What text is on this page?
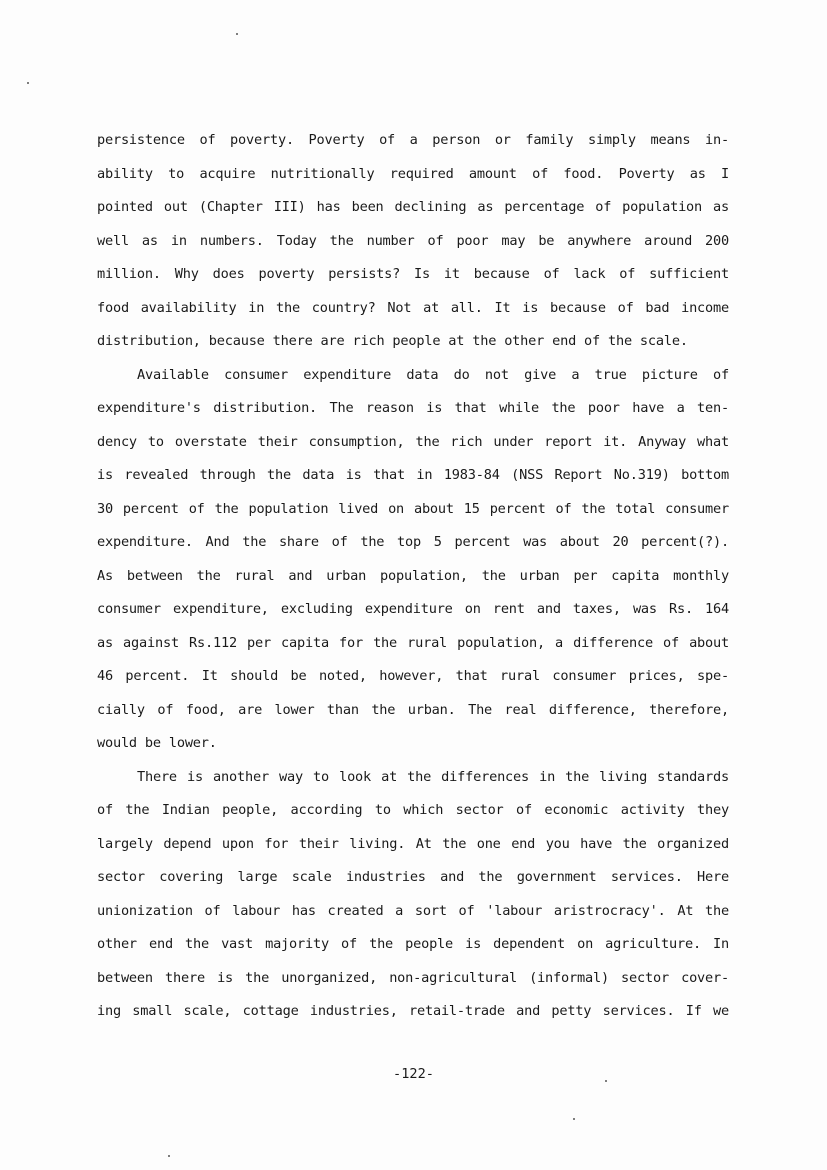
persistence of poverty. Poverty of a person or family simply means in-
ability to acquire nutritionally required amount of food. Poverty as I
pointed out (Chapter III) has been declining as percentage of population as
well as in numbers. Today the number of poor may be anywhere around 200
million. Why does poverty persists? Is it because of lack of sufficient
food availability in the country? Not at all. It is because of bad income
distribution, because there are rich people at the other end of the scale.
Available consumer expenditure data do not give a true picture of
expenditure's distribution. The reason is that while the poor have a ten-
dency to overstate their consumption, the rich under report it. Anyway what
is revealed through the data is that in 1983-84 (NSS Report No.319) bottom
30 percent of the population lived on about 15 percent of the total consumer
expenditure. And the share of the top 5 percent was about 20 percent(?).
As between the rural and urban population, the urban per capita monthly
consumer expenditure, excluding expenditure on rent and taxes, was Rs. 164
as against Rs.112 per capita for the rural population, a difference of about
46 percent. It should be noted, however, that rural consumer prices, spe-
cially of food, are lower than the urban. The real difference, therefore,
would be lower.
There is another way to look at the differences in the living standards
of the Indian people, according to which sector of economic activity they
largely depend upon for their living. At the one end you have the organized
sector covering large scale industries and the government services. Here
unionization of labour has created a sort of 'labour aristrocracy'. At the
other end the vast majority of the people is dependent on agriculture. In
between there is the unorganized, non-agricultural (informal) sector cover-
ing small scale, cottage industries, retail-trade and petty services. If we
-122-
